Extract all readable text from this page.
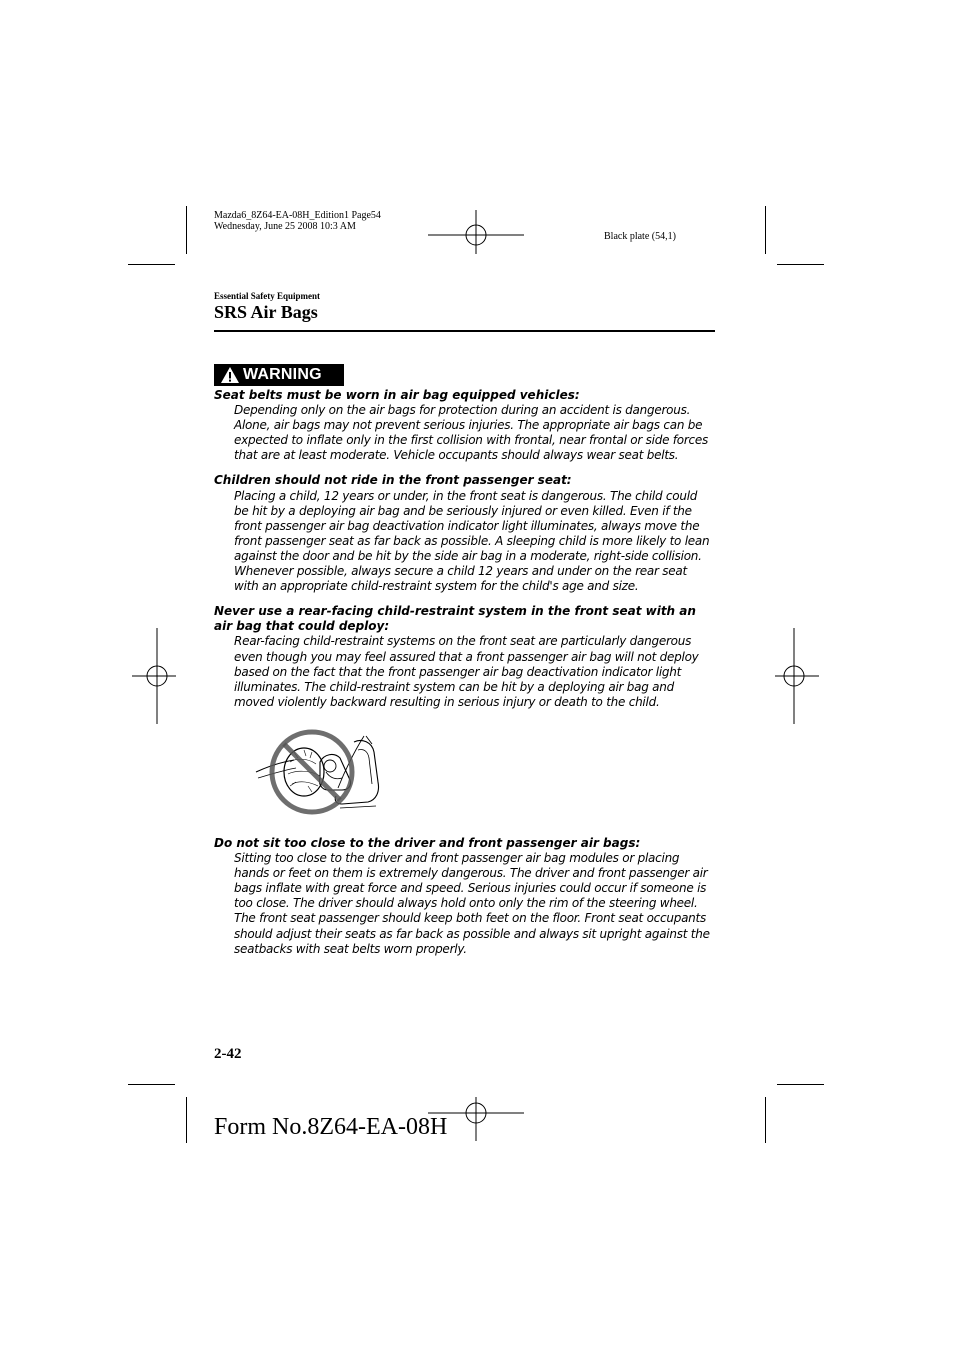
Mazda6_8Z64-EA-08H_Edition1 Page54
Wednesday, June 25 2008 10:3 AM
Black plate (54,1)
Essential Safety Equipment
SRS Air Bags
WARNING
Seat belts must be worn in air bag equipped vehicles:
Depending only on the air bags for protection during an accident is dangerous. Alone, air bags may not prevent serious injuries. The appropriate air bags can be expected to inflate only in the first collision with frontal, near frontal or side forces that are at least moderate. Vehicle occupants should always wear seat belts.
Children should not ride in the front passenger seat:
Placing a child, 12 years or under, in the front seat is dangerous. The child could be hit by a deploying air bag and be seriously injured or even killed. Even if the front passenger air bag deactivation indicator light illuminates, always move the front passenger seat as far back as possible. A sleeping child is more likely to lean against the door and be hit by the side air bag in a moderate, right-side collision. Whenever possible, always secure a child 12 years and under on the rear seat with an appropriate child-restraint system for the child's age and size.
Never use a rear-facing child-restraint system in the front seat with an air bag that could deploy:
Rear-facing child-restraint systems on the front seat are particularly dangerous even though you may feel assured that a front passenger air bag will not deploy based on the fact that the front passenger air bag deactivation indicator light illuminates. The child-restraint system can be hit by a deploying air bag and moved violently backward resulting in serious injury or death to the child.
Do not sit too close to the driver and front passenger air bags:
Sitting too close to the driver and front passenger air bag modules or placing hands or feet on them is extremely dangerous. The driver and front passenger air bags inflate with great force and speed. Serious injuries could occur if someone is too close. The driver should always hold onto only the rim of the steering wheel. The front seat passenger should keep both feet on the floor. Front seat occupants should adjust their seats as far back as possible and always sit upright against the seatbacks with seat belts worn properly.
2-42
Form No.8Z64-EA-08H
